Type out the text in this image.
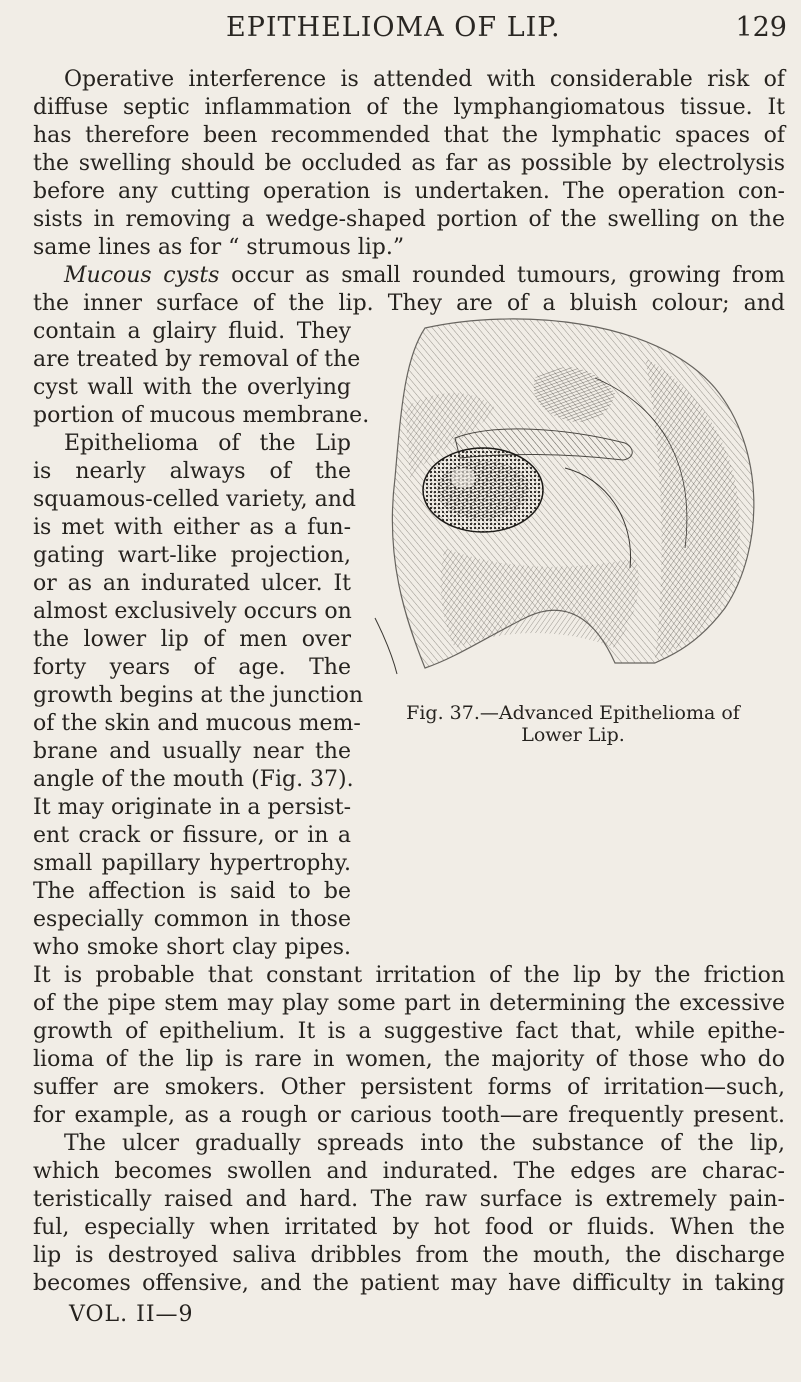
EPITHELIOMA OF LIP.	129
Operative interference is attended with considerable risk of
diffuse septic inflammation of the lymphangiomatous tissue. It
has therefore been recommended that the lymphatic spaces of
the swelling should be occluded as far as possible by electrolysis
before any cutting operation is undertaken. The operation con-
sists in removing a wedge-shaped portion of the swelling on the
same lines as for “ strumous lip.”
Mucous cysts occur as small rounded tumours, growing from
the inner surface of the lip. They are of a bluish colour; and
contain a glairy fluid. They
are treated by removal of the
cyst wall with the overlying
portion of mucous membrane.
Epithelioma of the Lip
is nearly always of the
squamous-celled variety, and
is met with either as a fun-
gating wart-like projection,
or as an indurated ulcer. It
almost exclusively occurs on
the lower lip of men over
forty years of age. The
growth begins at the junction
of the skin and mucous mem-
brane and usually near the
angle of the mouth (Fig. 37).
It may originate in a persist-
ent crack or fissure, or in a
small papillary hypertrophy.
The affection is said to be
especially common in those
who smoke short clay pipes.
Fig. 37.—Advanced Epithelioma of
Lower Lip.
It is probable that constant irritation of the lip by the friction
of the pipe stem may play some part in determining the excessive
growth of epithelium. It is a suggestive fact that, while epithe-
lioma of the lip is rare in women, the majority of those who do
suffer are smokers. Other persistent forms of irritation—such,
for example, as a rough or carious tooth—are frequently present.
The ulcer gradually spreads into the substance of the lip,
which becomes swollen and indurated. The edges are charac-
teristically raised and hard. The raw surface is extremely pain-
ful, especially when irritated by hot food or fluids. When the
lip is destroyed saliva dribbles from the mouth, the discharge
becomes offensive, and the patient may have difficulty in taking
VOL. II—9
